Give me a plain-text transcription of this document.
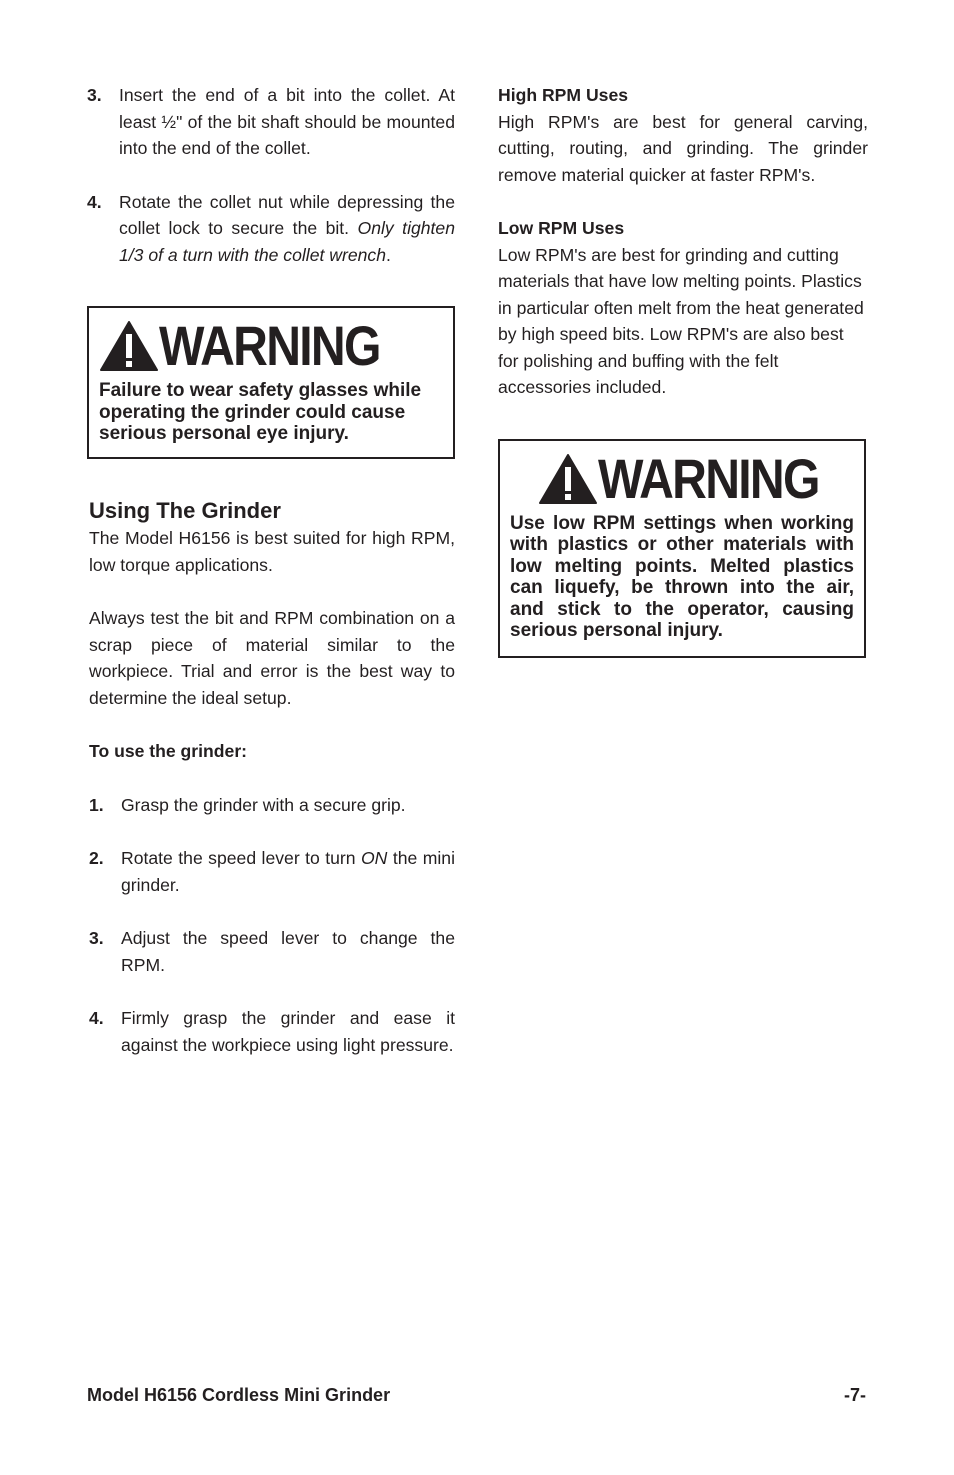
3. Insert the end of a bit into the collet. At least ½" of the bit shaft should be mounted into the end of the collet.
4. Rotate the collet nut while depressing the collet lock to secure the bit. Only tighten 1/3 of a turn with the collet wrench.
WARNING

Failure to wear safety glasses while operating the grinder could cause serious personal eye injury.

Using The Grinder

The Model H6156 is best suited for high RPM, low torque applications.

Always test the bit and RPM combination on a scrap piece of material similar to the workpiece. Trial and error is the best way to determine the ideal setup.

To use the grinder:

1. Grasp the grinder with a secure grip.
2. Rotate the speed lever to turn ON the mini grinder.
3. Adjust the speed lever to change the RPM.
4. Firmly grasp the grinder and ease it against the workpiece using light pressure.

High RPM Uses

High RPM's are best for general carving, cutting, routing, and grinding. The grinder remove material quicker at faster RPM's.

Low RPM Uses

Low RPM's are best for grinding and cutting materials that have low melting points. Plastics in particular often melt from the heat generated by high speed bits. Low RPM's are also best for polishing and buffing with the felt accessories included.

WARNING

Use low RPM settings when working with plastics or other materials with low melting points. Melted plastics can liquefy, be thrown into the air, and stick to the operator, causing serious personal injury.

Model H6156 Cordless Mini Grinder	-7-
